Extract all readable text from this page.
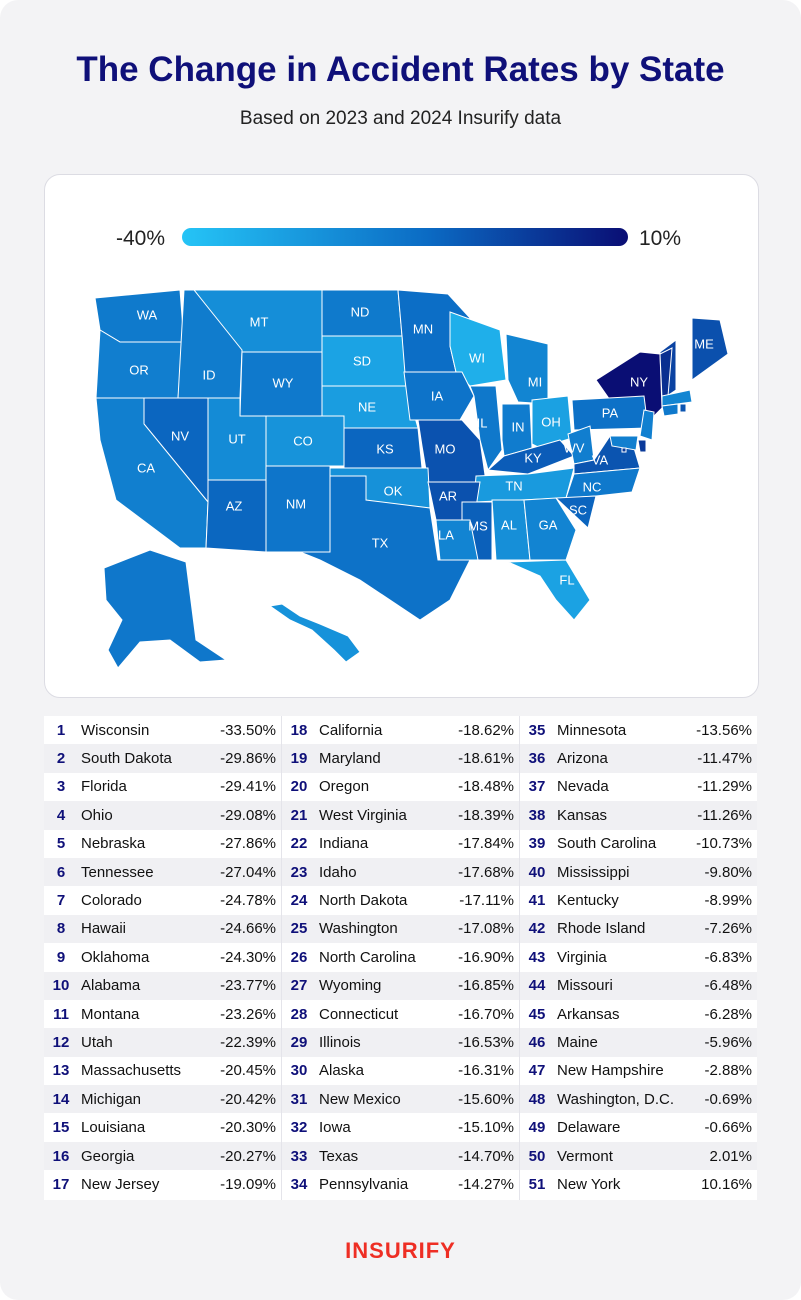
The Change in Accident Rates by State
Based on 2023 and 2024 Insurify data
-40%	10%
WA	MT
ND
MN
OR	ID
SD	WI
ME
WY	NY
MI
NE
IA
PA
NV	UT	CO
IL IN OH
KS	MO
CA
KY
WV
VA
TN
OK	AR
NC
AZ	NM	SC
MS AL GA
LA
TX
FL
1	Wisconsin	-33.50%
2	South Dakota	-29.86%
3	Florida	-29.41%
4	Ohio	-29.08%
5	Nebraska	-27.86%
6	Tennessee	-27.04%
7	Colorado	-24.78%
8	Hawaii	-24.66%
9	Oklahoma	-24.30%
10 Alabama	-23.77%
11 Montana	-23.26%
12 Utah	-22.39%
13 Massachusetts	-20.45%
14 Michigan	-20.42%
15 Louisiana	-20.30%
16 Georgia	-20.27%
17 New Jersey	-19.09%
18 California	-18.62%
19 Maryland	-18.61%
20 Oregon	-18.48%
21 West Virginia	-18.39%
22 Indiana	-17.84%
23 Idaho	-17.68%
24 North Dakota	-17.11%
25 Washington	-17.08%
26 North Carolina	-16.90%
27 Wyoming	-16.85%
28 Connecticut	-16.70%
29 Illinois	-16.53%
30 Alaska	-16.31%
31 New Mexico	-15.60%
32 Iowa	-15.10%
33 Texas	-14.70%
34 Pennsylvania	-14.27%
35 Minnesota	-13.56%
36 Arizona	-11.47%
37 Nevada	-11.29%
38 Kansas	-11.26%
39 South Carolina	-10.73%
40 Mississippi	-9.80%
41 Kentucky	-8.99%
42 Rhode Island	-7.26%
43 Virginia	-6.83%
44 Missouri	-6.48%
45 Arkansas	-6.28%
46 Maine	-5.96%
47 New Hampshire	-2.88%
48 Washington, D.C.	-0.69%
49 Delaware	-0.66%
50 Vermont	2.01%
51 New York	10.16%
INSURIFY
